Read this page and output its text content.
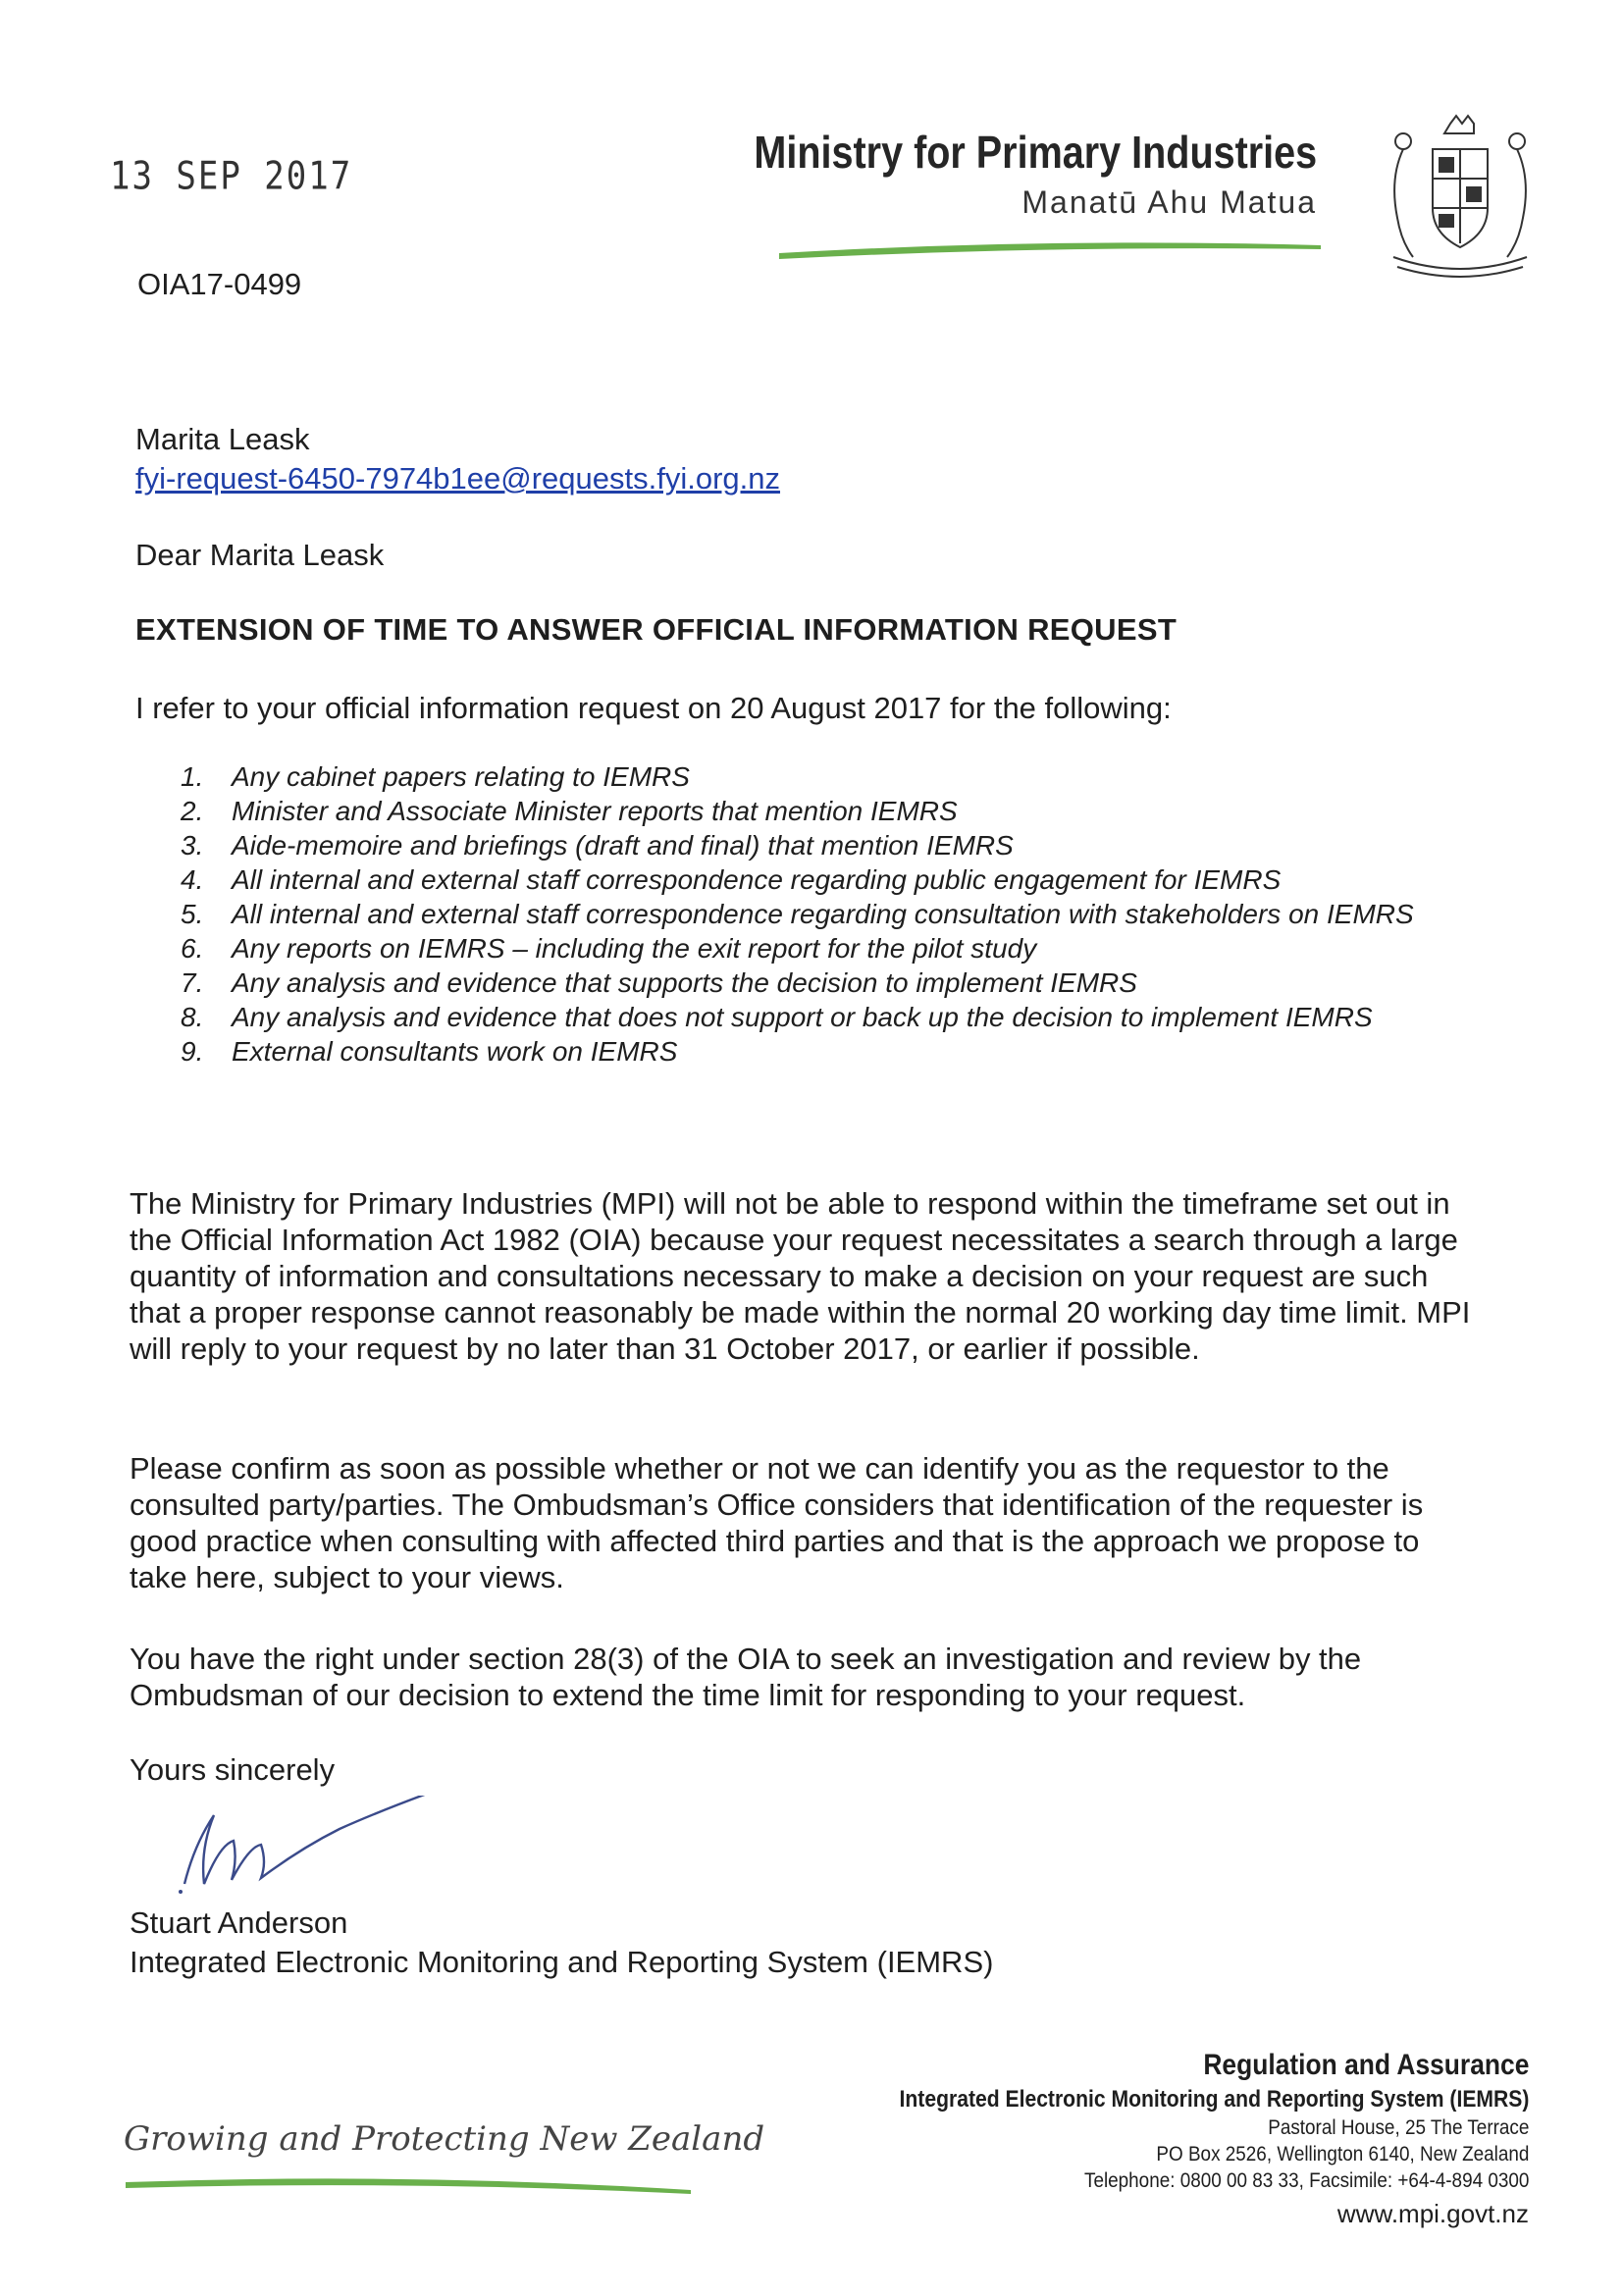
13 SEP 2017
OIA17-0499
Ministry for Primary Industries
Manatū Ahu Matua
Marita Leask
fyi-request-6450-7974b1ee@requests.fyi.org.nz
Dear Marita Leask
EXTENSION OF TIME TO ANSWER OFFICIAL INFORMATION REQUEST
I refer to your official information request on 20 August 2017 for the following:
1. Any cabinet papers relating to IEMRS
2. Minister and Associate Minister reports that mention IEMRS
3. Aide-memoire and briefings (draft and final) that mention IEMRS
4. All internal and external staff correspondence regarding public engagement for IEMRS
5. All internal and external staff correspondence regarding consultation with stakeholders on IEMRS
6. Any reports on IEMRS – including the exit report for the pilot study
7. Any analysis and evidence that supports the decision to implement IEMRS
8. Any analysis and evidence that does not support or back up the decision to implement IEMRS
9. External consultants work on IEMRS

The Ministry for Primary Industries (MPI) will not be able to respond within the timeframe set out in the Official Information Act 1982 (OIA) because your request necessitates a search through a large quantity of information and consultations necessary to make a decision on your request are such that a proper response cannot reasonably be made within the normal 20 working day time limit. MPI will reply to your request by no later than 31 October 2017, or earlier if possible.

Please confirm as soon as possible whether or not we can identify you as the requestor to the consulted party/parties. The Ombudsman’s Office considers that identification of the requester is good practice when consulting with affected third parties and that is the approach we propose to take here, subject to your views.

You have the right under section 28(3) of the OIA to seek an investigation and review by the Ombudsman of our decision to extend the time limit for responding to your request.

Yours sincerely
Stuart Anderson
Integrated Electronic Monitoring and Reporting System (IEMRS)
Growing and Protecting New Zealand
Regulation and Assurance
Integrated Electronic Monitoring and Reporting System (IEMRS)
Pastoral House, 25 The Terrace
PO Box 2526, Wellington 6140, New Zealand
Telephone: 0800 00 83 33, Facsimile: +64-4-894 0300
www.mpi.govt.nz
